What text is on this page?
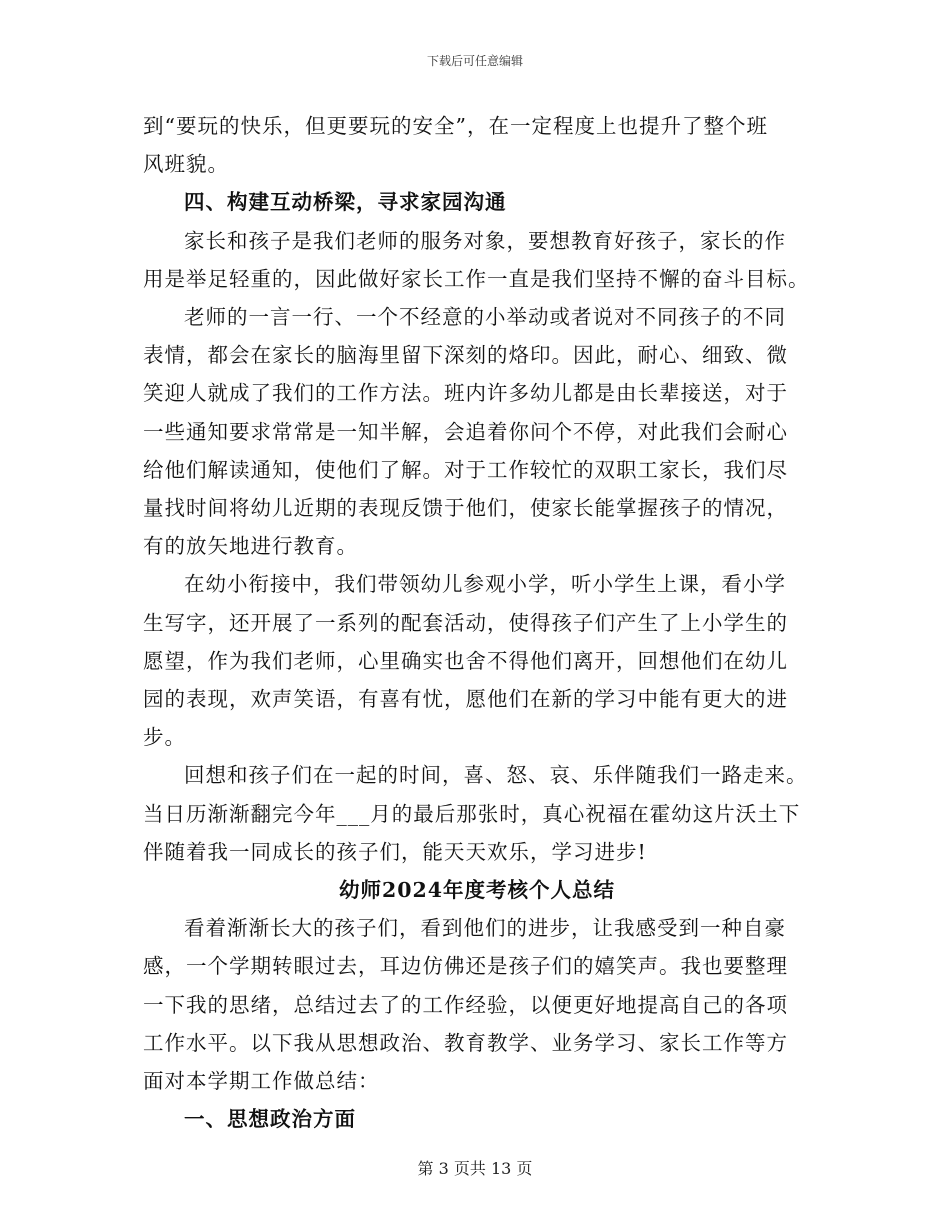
下载后可任意编辑
到“要玩的快乐，但更要玩的安全”，在一定程度上也提升了整个班
风班貌。
四、构建互动桥梁，寻求家园沟通
家长和孩子是我们老师的服务对象，要想教育好孩子，家长的作
用是举足轻重的，因此做好家长工作一直是我们坚持不懈的奋斗目标。
老师的一言一行、一个不经意的小举动或者说对不同孩子的不同
表情，都会在家长的脑海里留下深刻的烙印。因此，耐心、细致、微
笑迎人就成了我们的工作方法。班内许多幼儿都是由长辈接送，对于
一些通知要求常常是一知半解，会追着你问个不停，对此我们会耐心
给他们解读通知，使他们了解。对于工作较忙的双职工家长，我们尽
量找时间将幼儿近期的表现反馈于他们，使家长能掌握孩子的情况，
有的放矢地进行教育。
在幼小衔接中，我们带领幼儿参观小学，听小学生上课，看小学
生写字，还开展了一系列的配套活动，使得孩子们产生了上小学生的
愿望，作为我们老师，心里确实也舍不得他们离开，回想他们在幼儿
园的表现，欢声笑语，有喜有忧，愿他们在新的学习中能有更大的进
步。
回想和孩子们在一起的时间，喜、怒、哀、乐伴随我们一路走来。
当日历渐渐翻完今年___月的最后那张时，真心祝福在霍幼这片沃土下
伴随着我一同成长的孩子们，能天天欢乐，学习进步!
幼师2024年度考核个人总结
看着渐渐长大的孩子们，看到他们的进步，让我感受到一种自豪
感，一个学期转眼过去，耳边仿佛还是孩子们的嬉笑声。我也要整理
一下我的思绪，总结过去了的工作经验，以便更好地提高自己的各项
工作水平。以下我从思想政治、教育教学、业务学习、家长工作等方
面对本学期工作做总结：
一、思想政治方面
第 3 页共 13 页
